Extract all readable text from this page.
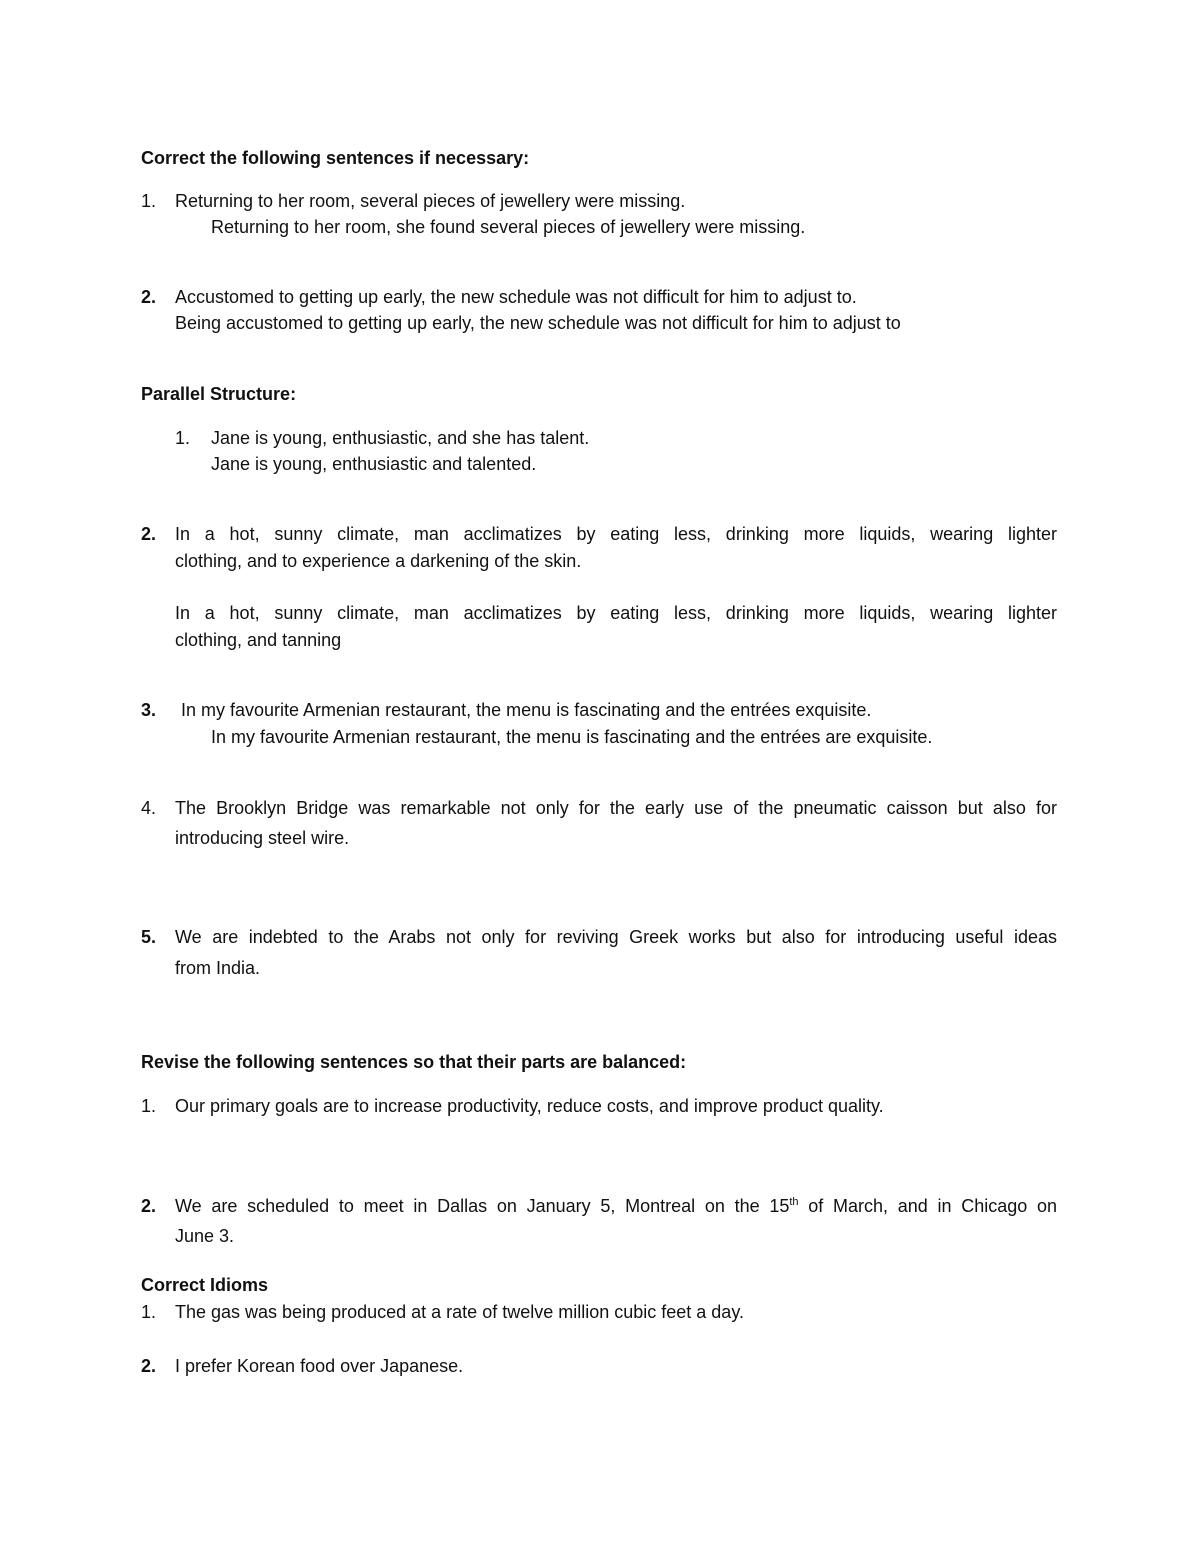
Correct the following sentences if necessary:
1. Returning to her room, several pieces of jewellery were missing.
Returning to her room, she found several pieces of jewellery were missing.
2. Accustomed to getting up early, the new schedule was not difficult for him to adjust to.
Being accustomed to getting up early, the new schedule was not difficult for him to adjust to
Parallel Structure:
1. Jane is young, enthusiastic, and she has talent.
Jane is young, enthusiastic and talented.
2. In a hot, sunny climate, man acclimatizes by eating less, drinking more liquids, wearing lighter
clothing, and to experience a darkening of the skin.
In a hot, sunny climate, man acclimatizes by eating less, drinking more liquids, wearing lighter
clothing, and tanning
3. In my favourite Armenian restaurant, the menu is fascinating and the entrées exquisite.
In my favourite Armenian restaurant, the menu is fascinating and the entrées are exquisite.
4. The Brooklyn Bridge was remarkable not only for the early use of the pneumatic caisson but also for
introducing steel wire.
5. We are indebted to the Arabs not only for reviving Greek works but also for introducing useful ideas
from India.
Revise the following sentences so that their parts are balanced:
1. Our primary goals are to increase productivity, reduce costs, and improve product quality.
2. We are scheduled to meet in Dallas on January 5, Montreal on the 15th of March, and in Chicago on
June 3.
Correct Idioms
1. The gas was being produced at a rate of twelve million cubic feet a day.
2. I prefer Korean food over Japanese.
